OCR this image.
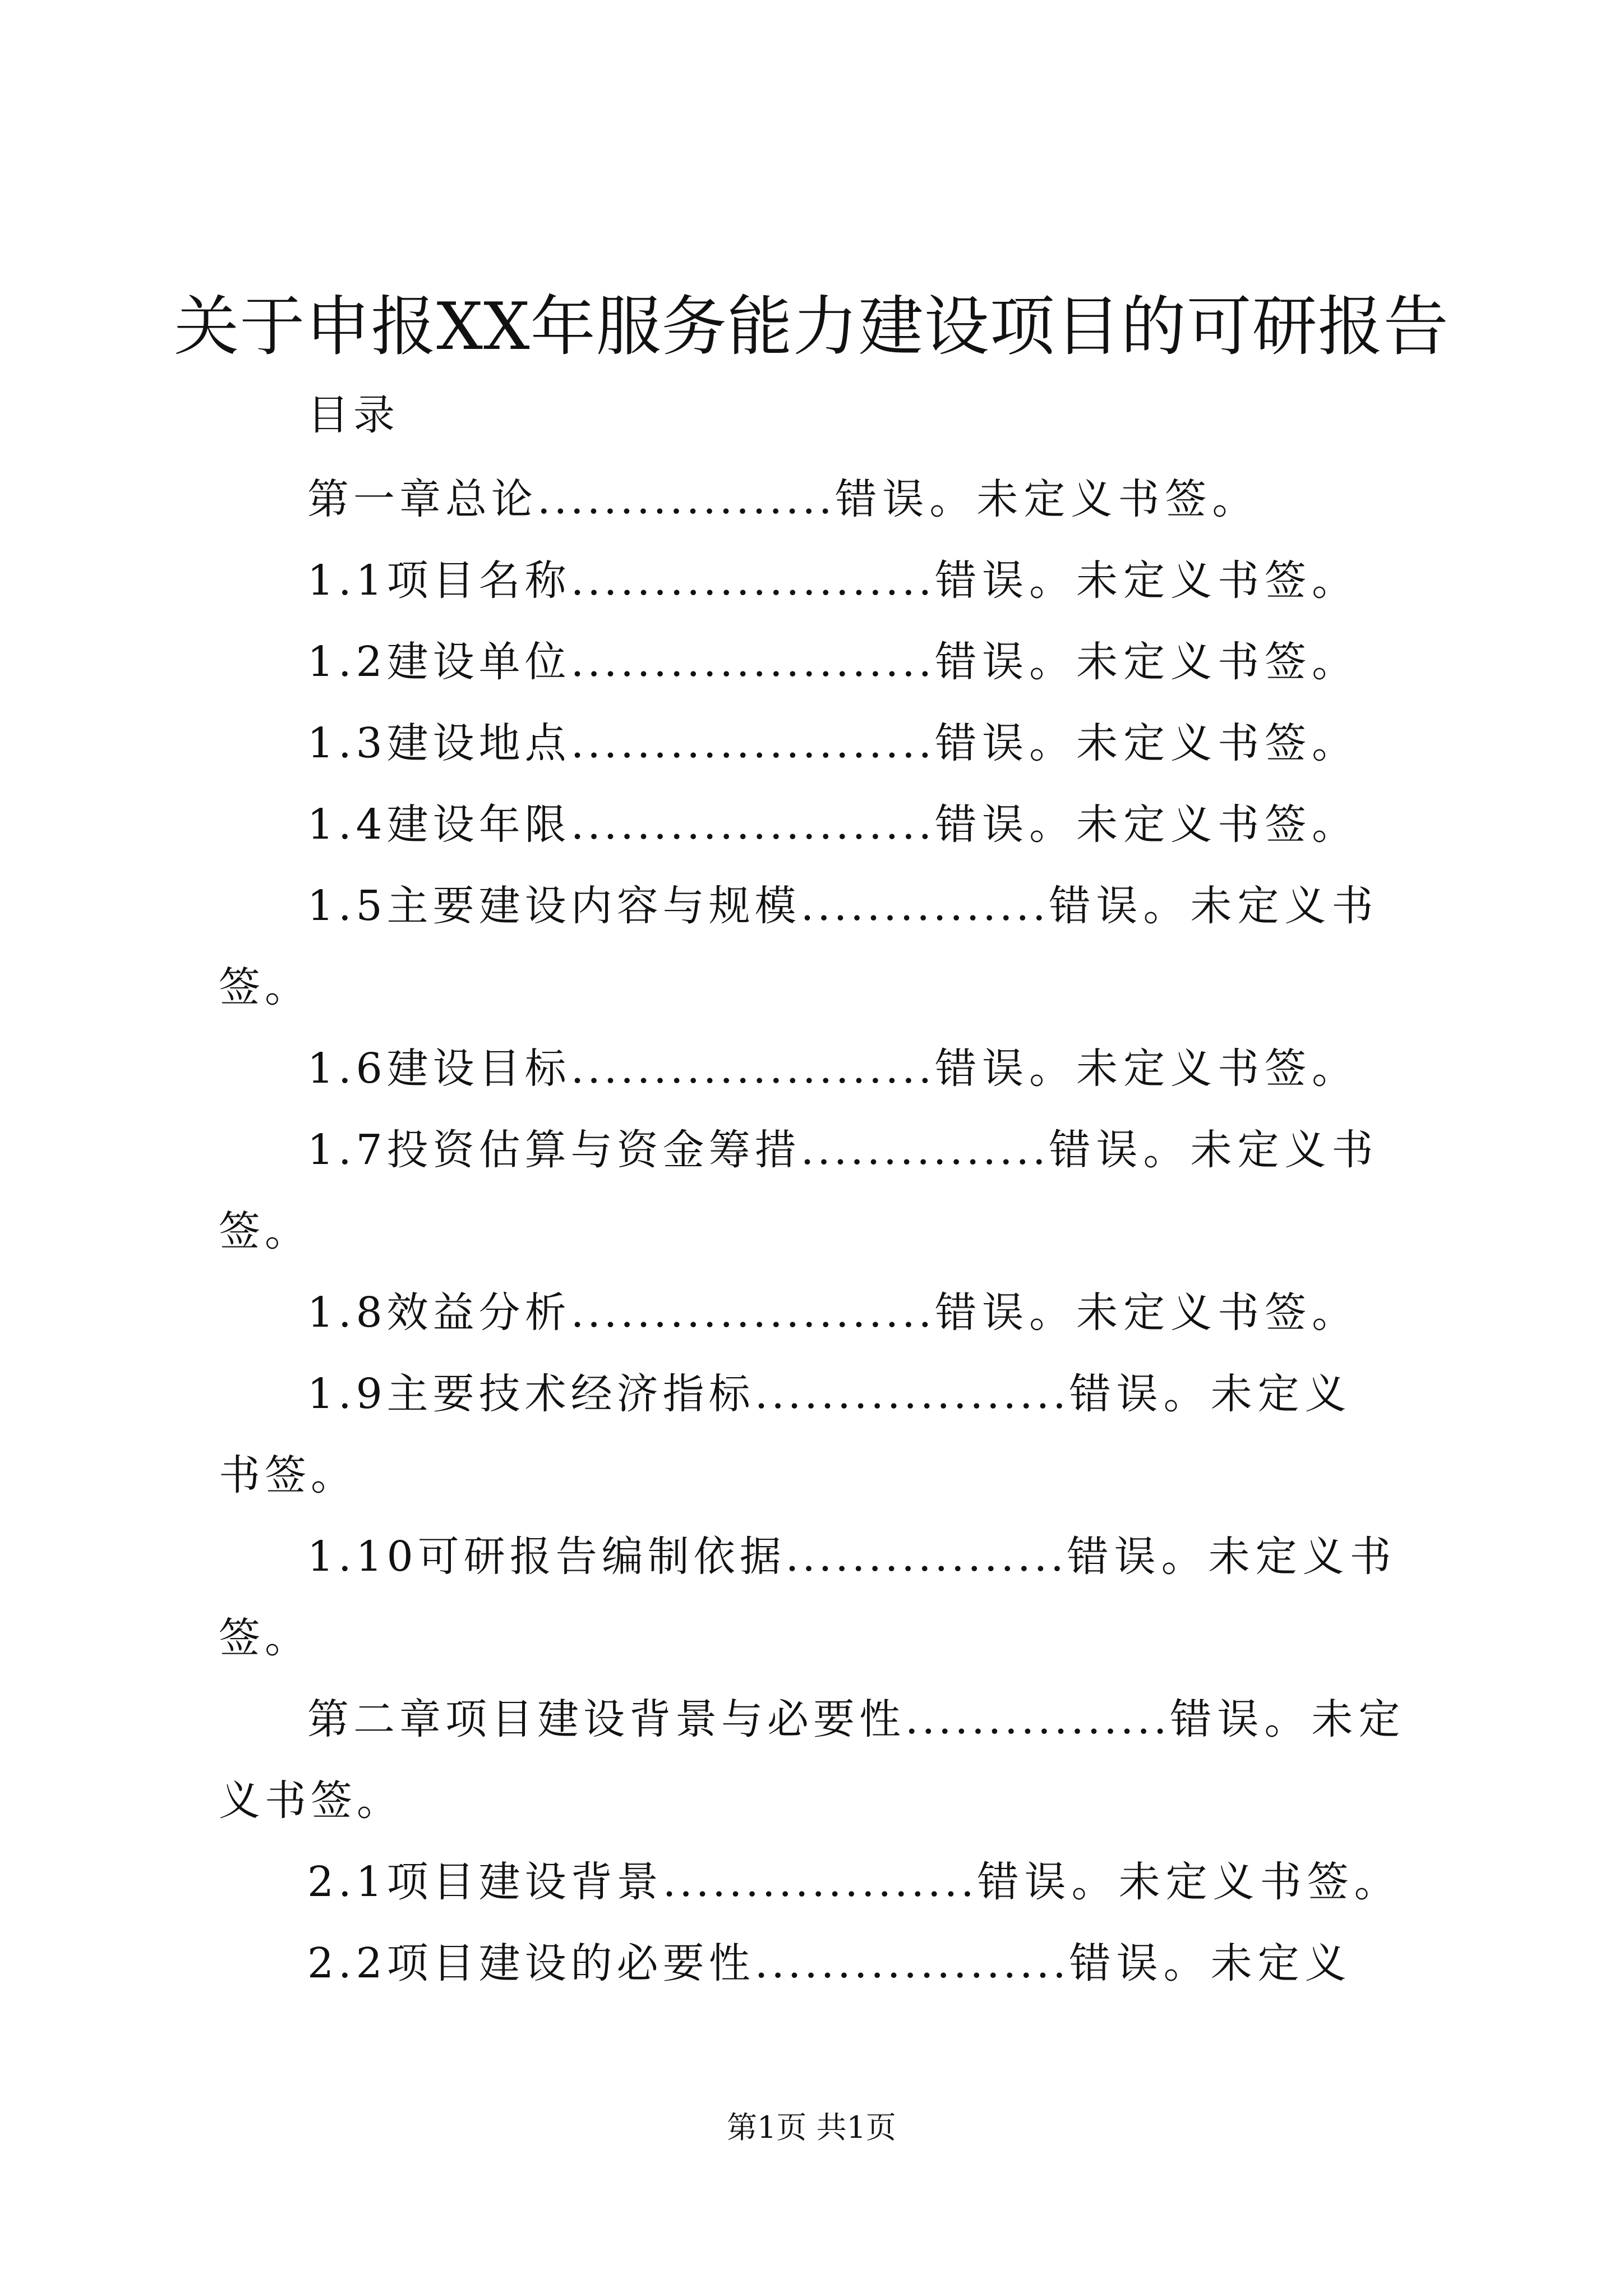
关于申报XX年服务能力建设项目的可研报告
目录
第一章总论..................错误。未定义书签。
1.1项目名称......................错误。未定义书签。
1.2建设单位......................错误。未定义书签。
1.3建设地点......................错误。未定义书签。
1.4建设年限......................错误。未定义书签。
1.5主要建设内容与规模...............错误。未定义书
签。
1.6建设目标......................错误。未定义书签。
1.7投资估算与资金筹措...............错误。未定义书
签。
1.8效益分析......................错误。未定义书签。
1.9主要技术经济指标...................错误。未定义
书签。
1.10可研报告编制依据.................错误。未定义书
签。
第二章项目建设背景与必要性................错误。未定
义书签。
2.1项目建设背景...................错误。未定义书签。
2.2项目建设的必要性...................错误。未定义
第1页 共1页
